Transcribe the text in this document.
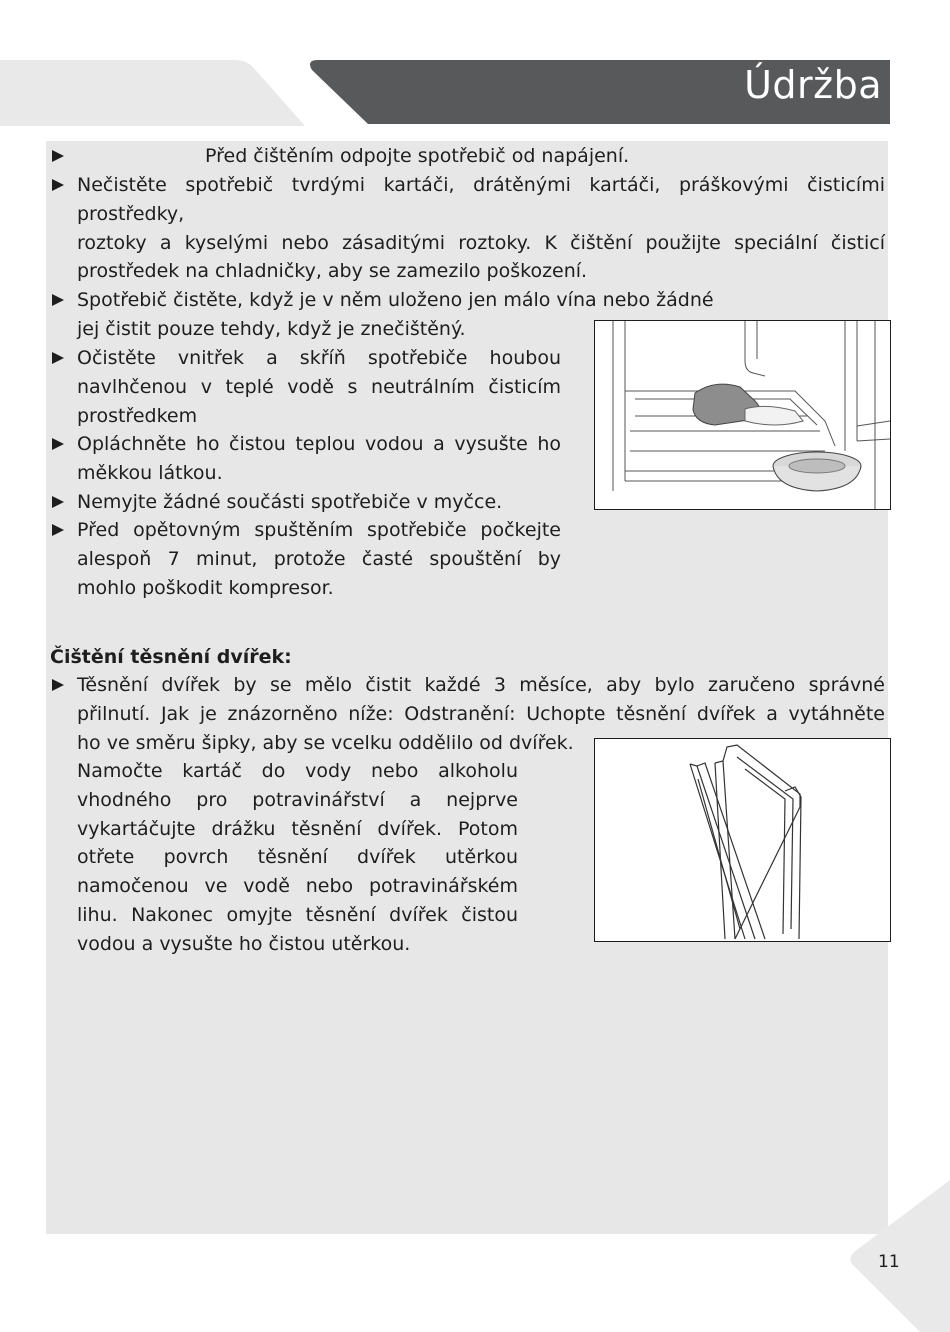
Údržba
Před čištěním odpojte spotřebič od napájení.
Nečistěte spotřebič tvrdými kartáči, drátěnými kartáči, práškovými čisticími
prostředky,
roztoky a kyselými nebo zásaditými roztoky. K čištění použijte speciální čisticí
prostředek na chladničky, aby se zamezilo poškození.
Spotřebič čistěte, když je v něm uloženo jen málo vína nebo žádné
jej čistit pouze tehdy, když je znečištěný.
Očistěte vnitřek a skříň spotřebiče houbou
navlhčenou v teplé vodě s neutrálním čisticím
prostředkem
Opláchněte ho čistou teplou vodou a vysušte ho
měkkou látkou.
Nemyjte žádné součásti spotřebiče v myčce.
Před opětovným spuštěním spotřebiče počkejte
alespoň 7 minut, protože časté spouštění by
mohlo poškodit kompresor.
Čištění těsnění dvířek:
Těsnění dvířek by se mělo čistit každé 3 měsíce, aby bylo zaručeno správné
přilnutí. Jak je znázorněno níže: Odstranění: Uchopte těsnění dvířek a vytáhněte
ho ve směru šipky, aby se vcelku oddělilo od dvířek.
Namočte kartáč do vody nebo alkoholu
vhodného pro potravinářství a nejprve
vykartáčujte drážku těsnění dvířek. Potom
otřete povrch těsnění dvířek utěrkou
namočenou ve vodě nebo potravinářském
lihu. Nakonec omyjte těsnění dvířek čistou
vodou a vysušte ho čistou utěrkou.
11
